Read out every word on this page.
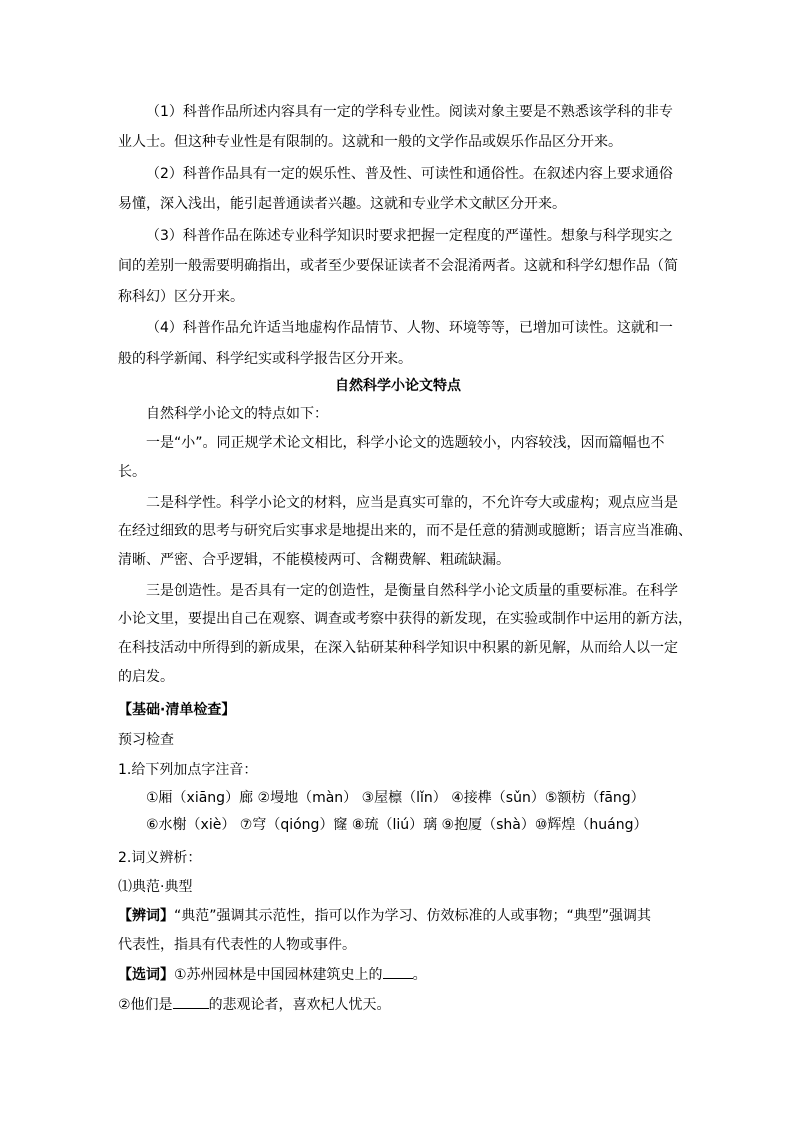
（1）科普作品所述内容具有一定的学科专业性。阅读对象主要是不熟悉该学科的非专
业人士。但这种专业性是有限制的。这就和一般的文学作品或娱乐作品区分开来。
（2）科普作品具有一定的娱乐性、普及性、可读性和通俗性。在叙述内容上要求通俗
易懂，深入浅出，能引起普通读者兴趣。这就和专业学术文献区分开来。
（3）科普作品在陈述专业科学知识时要求把握一定程度的严谨性。想象与科学现实之
间的差别一般需要明确指出，或者至少要保证读者不会混淆两者。这就和科学幻想作品（简
称科幻）区分开来。
（4）科普作品允许适当地虚构作品情节、人物、环境等等，已增加可读性。这就和一
般的科学新闻、科学纪实或科学报告区分开来。
自然科学小论文特点
自然科学小论文的特点如下：
一是“小”。同正规学术论文相比，科学小论文的选题较小，内容较浅，因而篇幅也不
长。
二是科学性。科学小论文的材料，应当是真实可靠的，不允许夸大或虚构；观点应当是
在经过细致的思考与研究后实事求是地提出来的，而不是任意的猜测或臆断；语言应当准确、
清晰、严密、合乎逻辑，不能模棱两可、含糊费解、粗疏缺漏。
三是创造性。是否具有一定的创造性，是衡量自然科学小论文质量的重要标准。在科学
小论文里，要提出自己在观察、调查或考察中获得的新发现，在实验或制作中运用的新方法，
在科技活动中所得到的新成果，在深入钻研某种科学知识中积累的新见解，从而给人以一定
的启发。
【基础·清单检查】
预习检查
1.给下列加点字注音：
①厢（xiāng）廊 ②墁地（màn） ③屋檩（lǐn） ④接榫（sǔn）⑤额枋（fāng）
⑥水榭（xiè） ⑦穹（qióng）窿 ⑧琉（liú）璃 ⑨抱厦（shà）⑩辉煌（huáng）
2.词义辨析：
⑴典范·典型
【辨词】“典范”强调其示范性，指可以作为学习、仿效标准的人或事物；“典型”强调其
代表性，指具有代表性的人物或事件。
【选词】①苏州园林是中国园林建筑史上的 。
②他们是	的悲观论者，喜欢杞人忧天。
